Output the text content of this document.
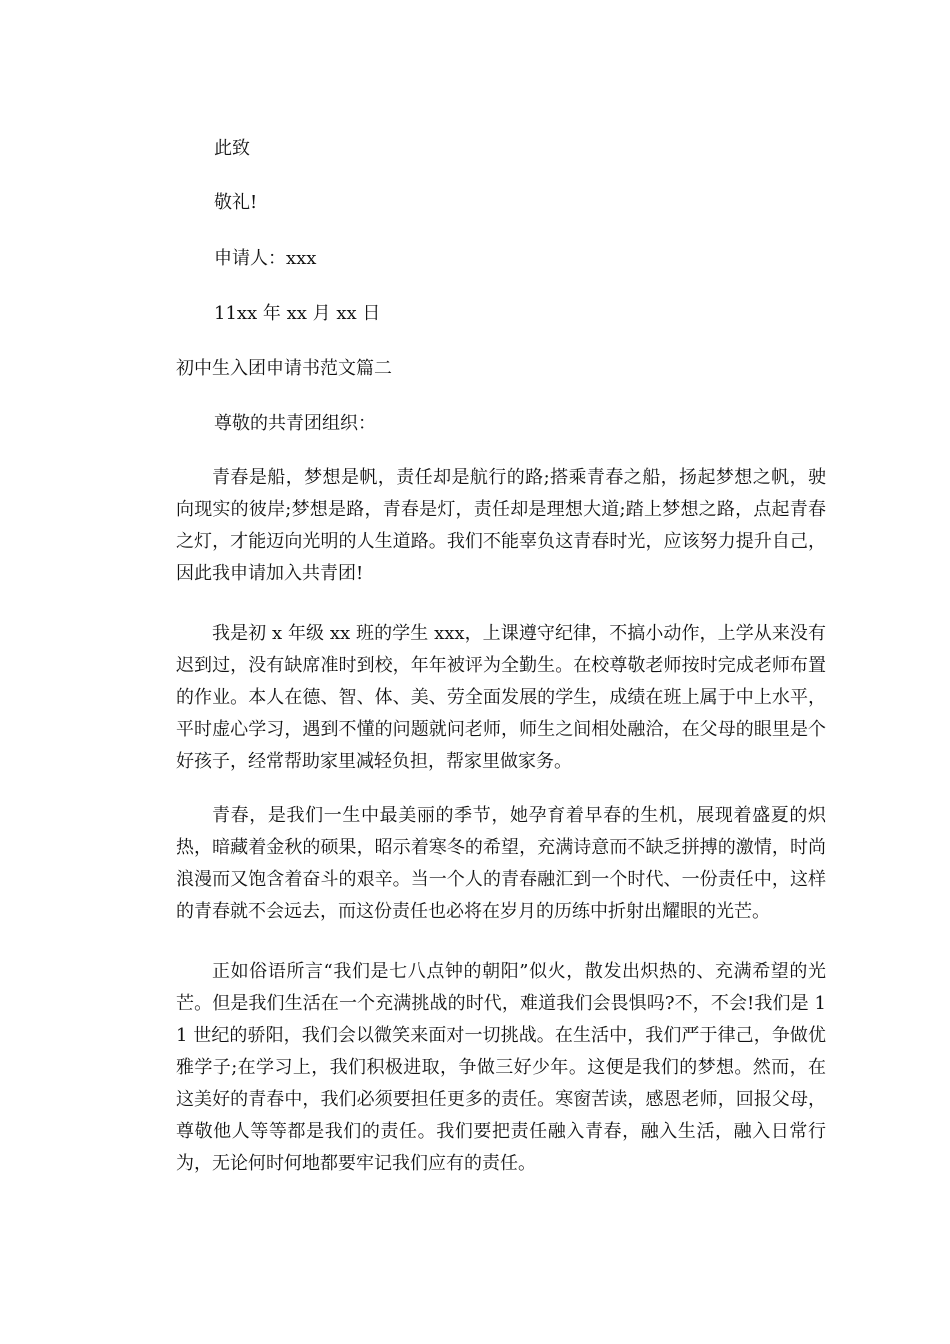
此致

敬礼!

申请人：xxx

11xx 年 xx 月 xx 日

初中生入团申请书范文篇二

尊敬的共青团组织：

青春是船，梦想是帆，责任却是航行的路;搭乘青春之船，扬起梦想之帆，驶向现实的彼岸;梦想是路，青春是灯，责任却是理想大道;踏上梦想之路，点起青春之灯，才能迈向光明的人生道路。我们不能辜负这青春时光，应该努力提升自己，因此我申请加入共青团!

我是初 x 年级 xx 班的学生 xxx，上课遵守纪律，不搞小动作，上学从来没有迟到过，没有缺席准时到校，年年被评为全勤生。在校尊敬老师按时完成老师布置的作业。本人在德、智、体、美、劳全面发展的学生，成绩在班上属于中上水平，平时虚心学习，遇到不懂的问题就问老师，师生之间相处融洽，在父母的眼里是个好孩子，经常帮助家里减轻负担，帮家里做家务。

青春，是我们一生中最美丽的季节，她孕育着早春的生机，展现着盛夏的炽热，暗藏着金秋的硕果，昭示着寒冬的希望，充满诗意而不缺乏拼搏的激情，时尚浪漫而又饱含着奋斗的艰辛。当一个人的青春融汇到一个时代、一份责任中，这样的青春就不会远去，而这份责任也必将在岁月的历练中折射出耀眼的光芒。

正如俗语所言“我们是七八点钟的朝阳”似火，散发出炽热的、充满希望的光芒。但是我们生活在一个充满挑战的时代，难道我们会畏惧吗?不，不会!我们是 11 世纪的骄阳，我们会以微笑来面对一切挑战。在生活中，我们严于律己，争做优雅学子;在学习上，我们积极进取，争做三好少年。这便是我们的梦想。然而，在这美好的青春中，我们必须要担任更多的责任。寒窗苦读，感恩老师，回报父母，尊敬他人等等都是我们的责任。我们要把责任融入青春，融入生活，融入日常行为，无论何时何地都要牢记我们应有的责任。
